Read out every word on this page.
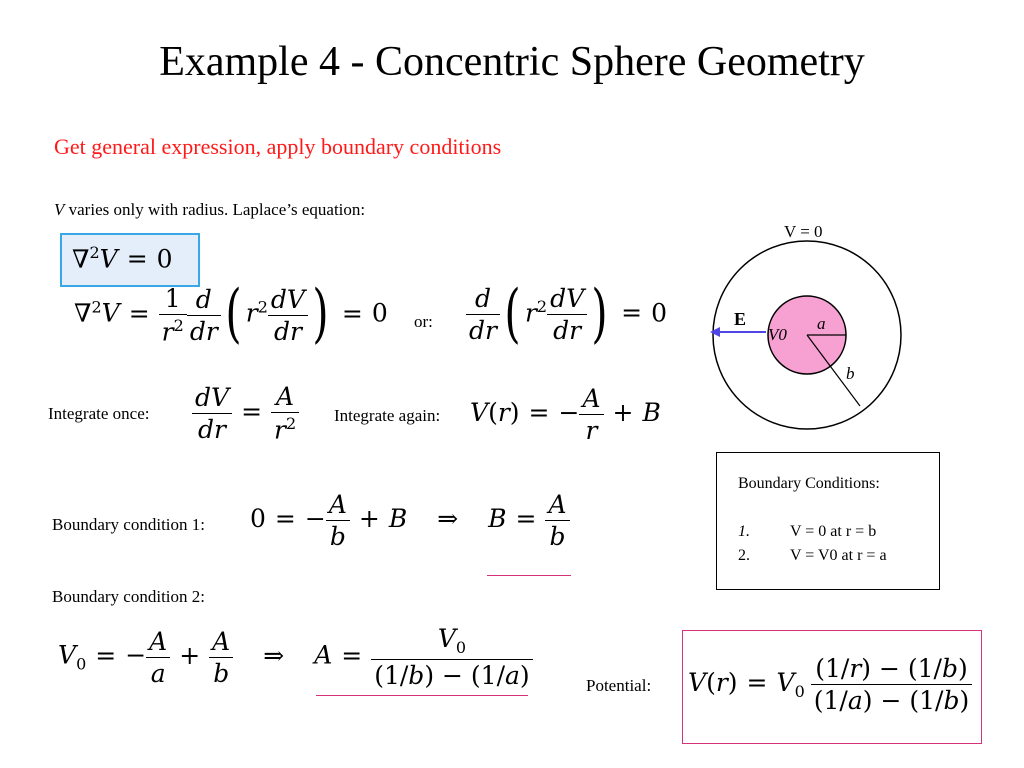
Example 4 - Concentric Sphere Geometry
Get general expression, apply boundary conditions
V varies only with radius. Laplace’s equation:
∇$^2$V = 0
$\nabla^2V = \frac{1}{r^2} \frac{d}{dr}$ ( $r^2 \frac{dV}{dr}$ ) = 0 or: $\frac{d}{dr}$ ( $r^2 \frac{dV}{dr}$ ) = 0
Integrate once: $\frac{dV}{dr} = \frac{A}{r^2}$ Integrate again: V(r) = − $\frac{A}{r} + B$
Boundary condition 1: 0 = − $\frac{A}{b} + B$ ⇒ $B = \frac{A}{b}$
Boundary condition 2:
$V_0$ = − $\frac{A}{a} + \frac{A}{b}$ ⇒ $A = \frac{V_0}{(1/b) - (1/a)}$	Potential: $V(r) = V_0 \frac{(1/r) - (1/b)}{(1/a) - (1/b)}$
Boundary Conditions:
1.	V = 0 at r = b
2.	V = V0 at r = a
V = 0
E
V0
a
b
